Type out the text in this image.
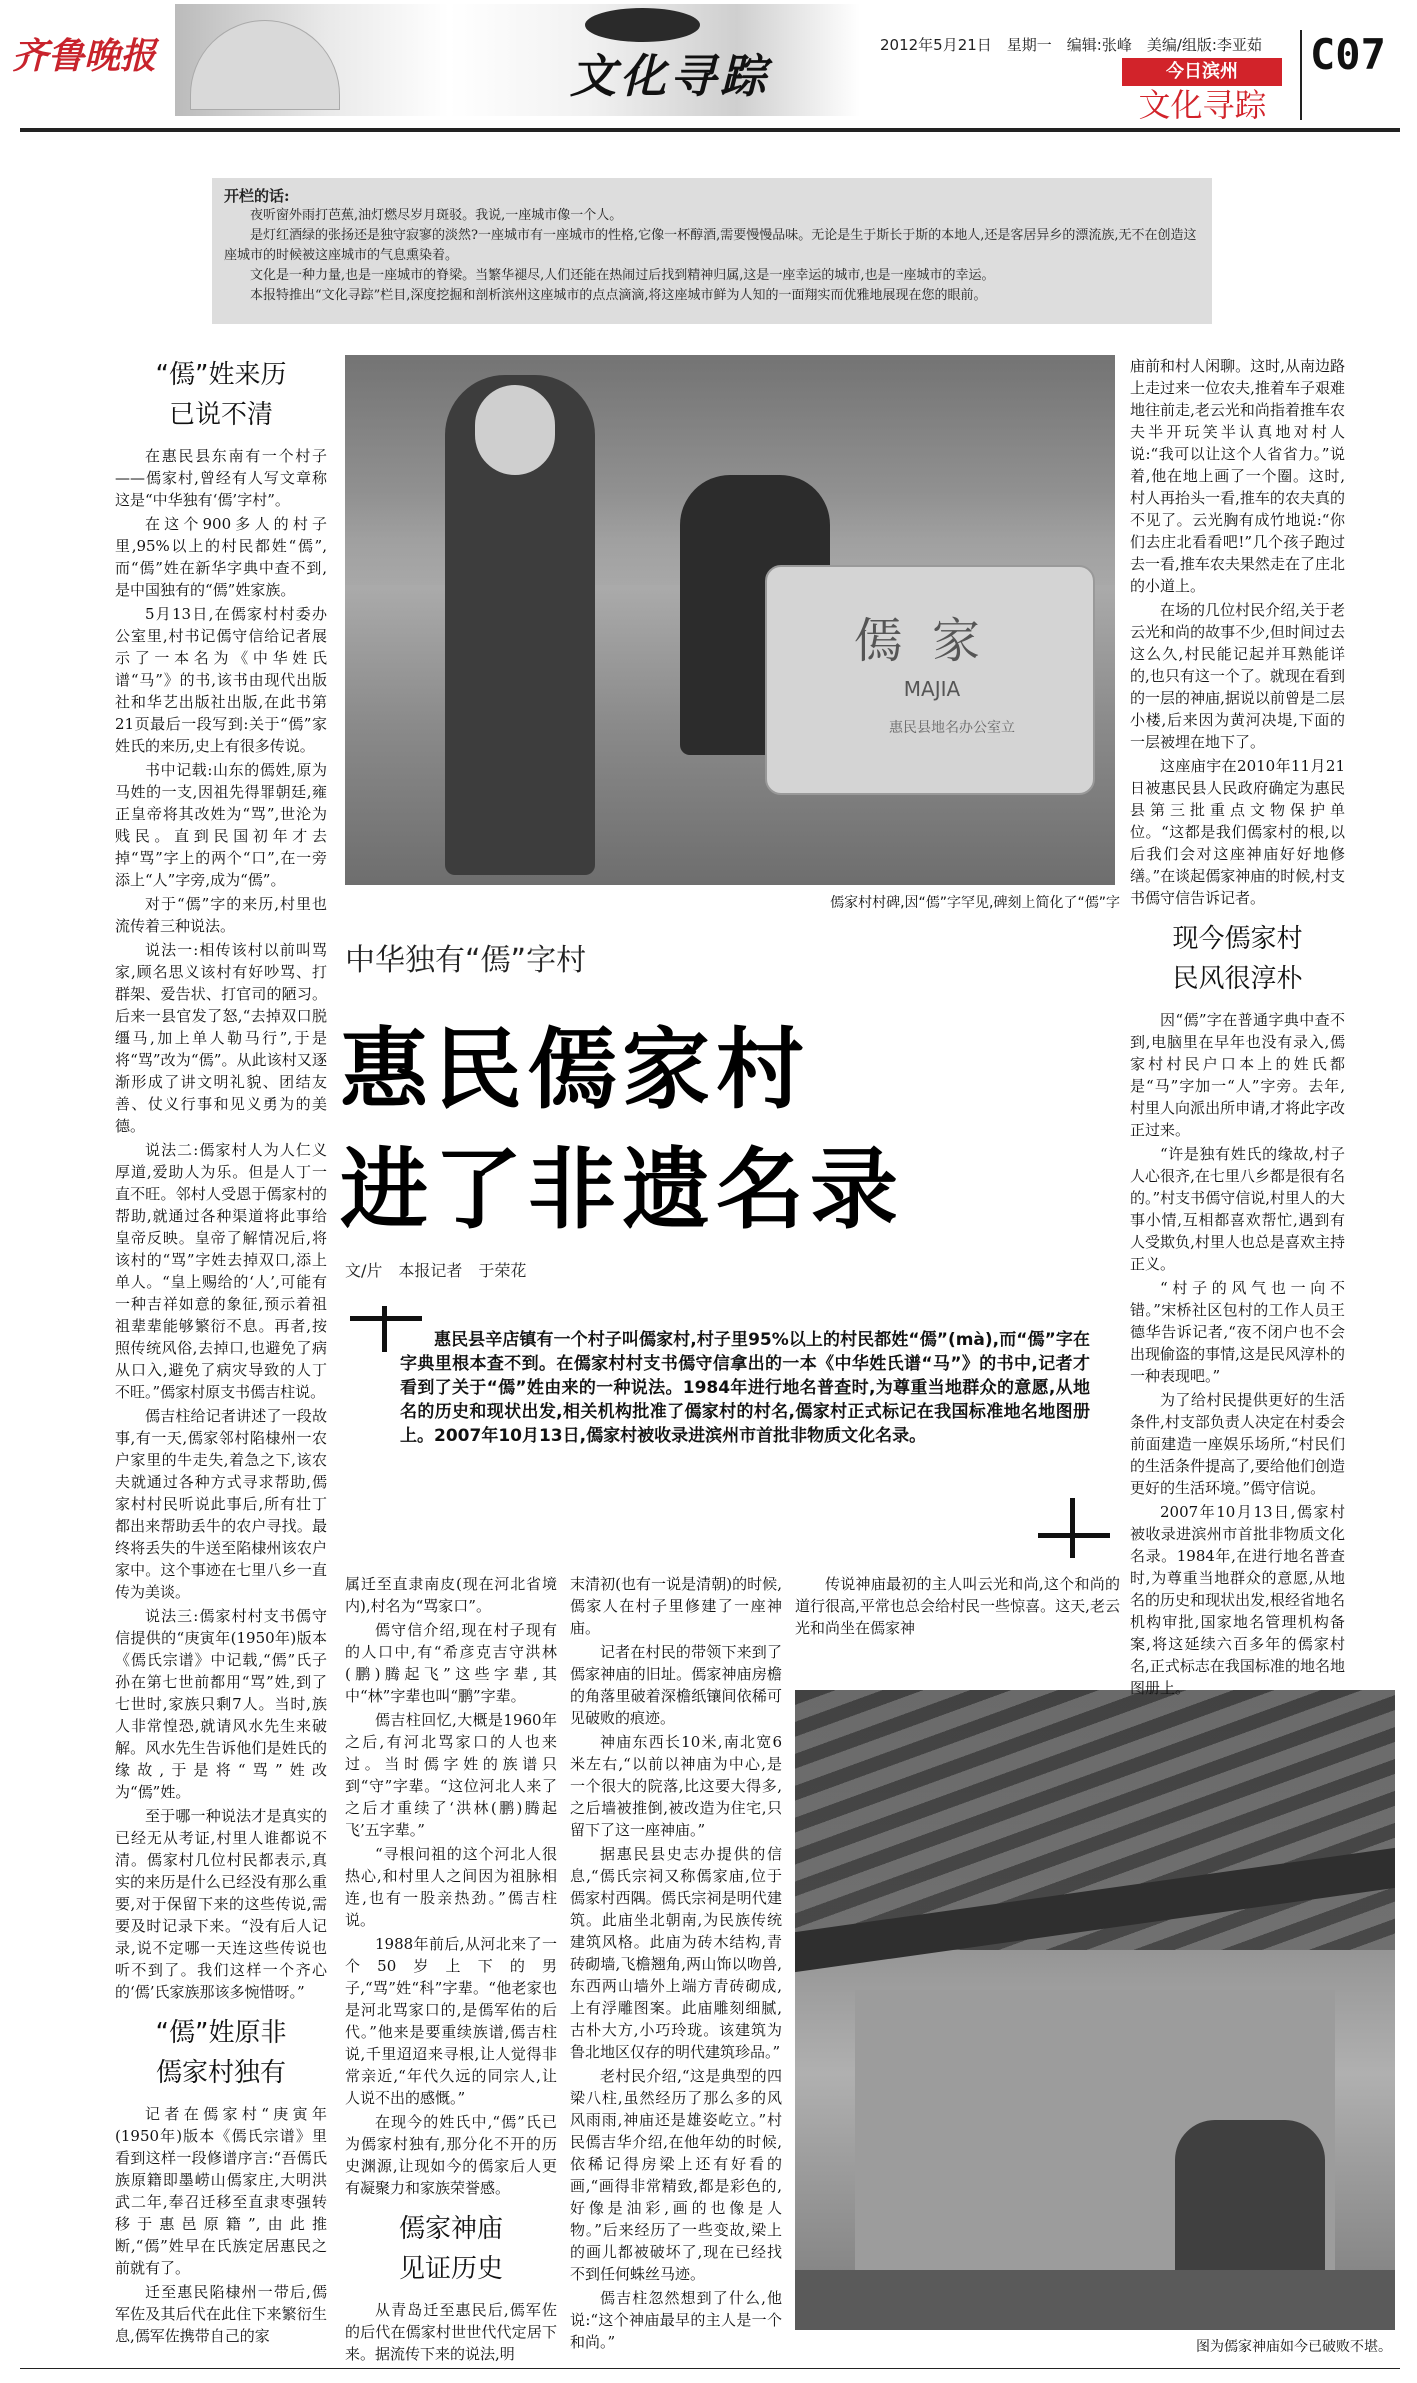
齐鲁晚报	文化寻踪
2012年5月21日　星期一　编辑:张峰　美编/组版:李亚茹
今日滨州
文化寻踪
C07
开栏的话:
夜听窗外雨打芭蕉,油灯燃尽岁月斑驳。我说,一座城市像一个人。
是灯红酒绿的张扬还是独守寂寥的淡然?一座城市有一座城市的性格,它像一杯醇酒,需要慢慢品味。无论是生于斯长于斯的本地人,还是客居异乡的漂流族,无不在创造这座城市的时候被这座城市的气息熏染着。
文化是一种力量,也是一座城市的脊梁。当繁华褪尽,人们还能在热闹过后找到精神归属,这是一座幸运的城市,也是一座城市的幸运。
本报特推出“文化寻踪”栏目,深度挖掘和剖析滨州这座城市的点点滴滴,将这座城市鲜为人知的一面翔实而优雅地展现在您的眼前。
“傿”姓来历
已说不清

在惠民县东南有一个村子——傿家村,曾经有人写文章称这是“中华独有‘傿’字村”。

在这个900多人的村子里,95%以上的村民都姓“傿”,而“傿”姓在新华字典中查不到,是中国独有的“傿”姓家族。

5月13日,在傿家村村委办公室里,村书记傿守信给记者展示了一本名为《中华姓氏谱“马”》的书,该书由现代出版社和华艺出版社出版,在此书第21页最后一段写到:关于“傿”家姓氏的来历,史上有很多传说。

书中记载:山东的傿姓,原为马姓的一支,因祖先得罪朝廷,雍正皇帝将其改姓为“骂”,世沦为贱民。直到民国初年才去掉“骂”字上的两个“口”,在一旁添上“人”字旁,成为“傿”。

对于“傿”字的来历,村里也流传着三种说法。

说法一:相传该村以前叫骂家,顾名思义该村有好吵骂、打群架、爱告状、打官司的陋习。后来一县官发了怒,“去掉双口脱缰马,加上单人勒马行”,于是将“骂”改为“傿”。从此该村又逐渐形成了讲文明礼貌、团结友善、仗义行事和见义勇为的美德。

说法二:傿家村人为人仁义厚道,爱助人为乐。但是人丁一直不旺。邻村人受恩于傿家村的帮助,就通过各种渠道将此事给皇帝反映。皇帝了解情况后,将该村的“骂”字姓去掉双口,添上单人。“皇上赐给的‘人’,可能有一种吉祥如意的象征,预示着祖祖辈辈能够繁衍不息。再者,按照传统风俗,去掉口,也避免了病从口入,避免了病灾导致的人丁不旺。”傿家村原支书傿吉柱说。

傿吉柱给记者讲述了一段故事,有一天,傿家邻村陷棣州一农户家里的牛走失,着急之下,该农夫就通过各种方式寻求帮助,傿家村村民听说此事后,所有壮丁都出来帮助丢牛的农户寻找。最终将丢失的牛送至陷棣州该农户家中。这个事迹在七里八乡一直传为美谈。

说法三:傿家村村支书傿守信提供的“庚寅年(1950年)版本《傿氏宗谱》中记载,“傿”氏子孙在第七世前都用“骂”姓,到了七世时,家族只剩7人。当时,族人非常惶恐,就请风水先生来破解。风水先生告诉他们是姓氏的缘故,于是将“骂”姓改为“傿”姓。

至于哪一种说法才是真实的已经无从考证,村里人谁都说不清。傿家村几位村民都表示,真实的来历是什么已经没有那么重要,对于保留下来的这些传说,需要及时记录下来。“没有后人记录,说不定哪一天连这些传说也听不到了。我们这样一个齐心的‘傿’氏家族那该多惋惜呀。”

“傿”姓原非
傿家村独有

记者在傿家村“庚寅年(1950年)版本《傿氏宗谱》里看到这样一段修谱序言:“吾傿氏族原籍即墨崂山傿家庄,大明洪武二年,奉召迁移至直隶枣强转移于惠邑原籍”,由此推断,“傿”姓早在氏族定居惠民之前就有了。

迁至惠民陷棣州一带后,傿军佐及其后代在此住下来繁衍生息,傿军佐携带自己的家

傿家
MAJIA
惠民县地名办公室立
傿家村村碑,因“傿”字罕见,碑刻上简化了“傿”字
中华独有“傿”字村
惠民傿家村
进了非遗名录
文/片　本报记者　于荣花
惠民县辛店镇有一个村子叫傿家村,村子里95%以上的村民都姓“傿”(mà),而“傿”字在字典里根本查不到。在傿家村村支书傿守信拿出的一本《中华姓氏谱“马”》的书中,记者才看到了关于“傿”姓由来的一种说法。1984年进行地名普查时,为尊重当地群众的意愿,从地名的历史和现状出发,相关机构批准了傿家村的村名,傿家村正式标记在我国标准地名地图册上。2007年10月13日,傿家村被收录进滨州市首批非物质文化名录。

属迁至直隶南皮(现在河北省境内),村名为“骂家口”。

傿守信介绍,现在村子现有的人口中,有“希彦克吉守洪林(鹏)腾起飞”这些字辈,其中“林”字辈也叫“鹏”字辈。

傿吉柱回忆,大概是1960年之后,有河北骂家口的人也来过。当时傿字姓的族谱只到“守”字辈。“这位河北人来了之后才重续了‘洪林(鹏)腾起飞’五字辈。”

“寻根问祖的这个河北人很热心,和村里人之间因为祖脉相连,也有一股亲热劲。”傿吉柱说。

1988年前后,从河北来了一个50岁上下的男子,“骂”姓“科”字辈。“他老家也是河北骂家口的,是傿军佑的后代。”他来是要重续族谱,傿吉柱说,千里迢迢来寻根,让人觉得非常亲近,“年代久远的同宗人,让人说不出的感慨。”

在现今的姓氏中,“傿”氏已为傿家村独有,那分化不开的历史渊源,让现如今的傿家后人更有凝聚力和家族荣誉感。

傿家神庙
见证历史

从青岛迁至惠民后,傿军佐的后代在傿家村世世代代定居下来。据流传下来的说法,明

末清初(也有一说是清朝)的时候,傿家人在村子里修建了一座神庙。

记者在村民的带领下来到了傿家神庙的旧址。傿家神庙房檐的角落里破着深檐纸镶间依稀可见破败的痕迹。

神庙东西长10米,南北宽6米左右,“以前以神庙为中心,是一个很大的院落,比这要大得多,之后墙被推倒,被改造为住宅,只留下了这一座神庙。”

据惠民县史志办提供的信息,“傿氏宗祠又称傿家庙,位于傿家村西隅。傿氏宗祠是明代建筑。此庙坐北朝南,为民族传统建筑风格。此庙为砖木结构,青砖砌墙,飞檐翘角,两山饰以吻兽,东西两山墙外上端方青砖砌成,上有浮雕图案。此庙雕刻细腻,古朴大方,小巧玲珑。该建筑为鲁北地区仅存的明代建筑珍品。”

老村民介绍,“这是典型的四梁八柱,虽然经历了那么多的风风雨雨,神庙还是雄姿屹立。”村民傿吉华介绍,在他年幼的时候,依稀记得房梁上还有好看的画,“画得非常精致,都是彩色的,好像是油彩,画的也像是人物。”后来经历了一些变故,梁上的画儿都被破坏了,现在已经找不到任何蛛丝马迹。

傿吉柱忽然想到了什么,他说:“这个神庙最早的主人是一个和尚。”

传说神庙最初的主人叫云光和尚,这个和尚的道行很高,平常也总会给村民一些惊喜。这天,老云光和尚坐在傿家神

图为傿家神庙如今已破败不堪。

庙前和村人闲聊。这时,从南边路上走过来一位农夫,推着车子艰难地往前走,老云光和尚指着推车农夫半开玩笑半认真地对村人说:“我可以让这个人省省力。”说着,他在地上画了一个圈。这时,村人再抬头一看,推车的农夫真的不见了。云光胸有成竹地说:“你们去庄北看看吧!”几个孩子跑过去一看,推车农夫果然走在了庄北的小道上。

在场的几位村民介绍,关于老云光和尚的故事不少,但时间过去这么久,村民能记起并耳熟能详的,也只有这一个了。就现在看到的一层的神庙,据说以前曾是二层小楼,后来因为黄河决堤,下面的一层被埋在地下了。

这座庙宇在2010年11月21日被惠民县人民政府确定为惠民县第三批重点文物保护单位。“这都是我们傿家村的根,以后我们会对这座神庙好好地修缮。”在谈起傿家神庙的时候,村支书傿守信告诉记者。

现今傿家村
民风很淳朴

因“傿”字在普通字典中查不到,电脑里在早年也没有录入,傿家村村民户口本上的姓氏都是“马”字加一“人”字旁。去年,村里人向派出所申请,才将此字改正过来。

“许是独有姓氏的缘故,村子人心很齐,在七里八乡都是很有名的。”村支书傿守信说,村里人的大事小情,互相都喜欢帮忙,遇到有人受欺负,村里人也总是喜欢主持正义。

“村子的风气也一向不错。”宋桥社区包村的工作人员王德华告诉记者,“夜不闭户也不会出现偷盗的事情,这是民风淳朴的一种表现吧。”

为了给村民提供更好的生活条件,村支部负责人决定在村委会前面建造一座娱乐场所,“村民们的生活条件提高了,要给他们创造更好的生活环境。”傿守信说。

2007年10月13日,傿家村被收录进滨州市首批非物质文化名录。1984年,在进行地名普查时,为尊重当地群众的意愿,从地名的历史和现状出发,根经省地名机构审批,国家地名管理机构备案,将这延续六百多年的傿家村名,正式标志在我国标准的地名地图册上。
